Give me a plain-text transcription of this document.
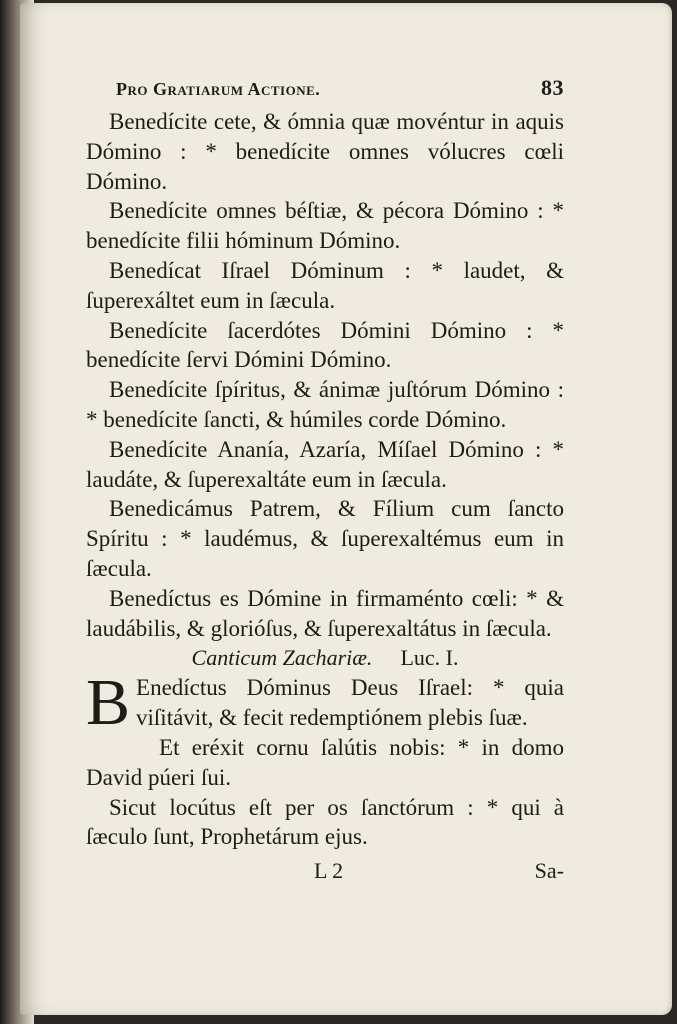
Pro Gratiarum Actione.	83

Benedícite cete, & ómnia quæ movéntur in aquis Dómino : * benedícite omnes vólucres cœli Dómino.

Benedícite omnes béſtiæ, & pécora Dómino : * benedícite filii hóminum Dómino.

Benedícat Iſrael Dóminum : * laudet, & ſuperexáltet eum in ſæcula.

Benedícite ſacerdótes Dómini Dómino : * benedícite ſervi Dómini Dómino.

Benedícite ſpíritus, & ánimæ juſtórum Dómino : * benedícite ſancti, & húmiles corde Dómino.

Benedícite Ananía, Azaría, Míſael Dómino : * laudáte, & ſuperexaltáte eum in ſæcula.

Benedicámus Patrem, & Fílium cum ſancto Spíritu : * laudémus, & ſuperexaltémus eum in ſæcula.

Benedíctus es Dómine in firmaménto cœli: * & laudábilis, & glorióſus, & ſuperexaltátus in ſæcula.

Canticum Zachariæ. Luc. I.

B Enedíctus Dóminus Deus Iſrael: * quia viſitávit, & fecit redemptiónem plebis ſuæ.

Et eréxit cornu ſalútis nobis: * in domo David púeri ſui.

Sicut locútus eſt per os ſanctórum : * qui à ſæculo ſunt, Prophetárum ejus.

L 2	Sa-
